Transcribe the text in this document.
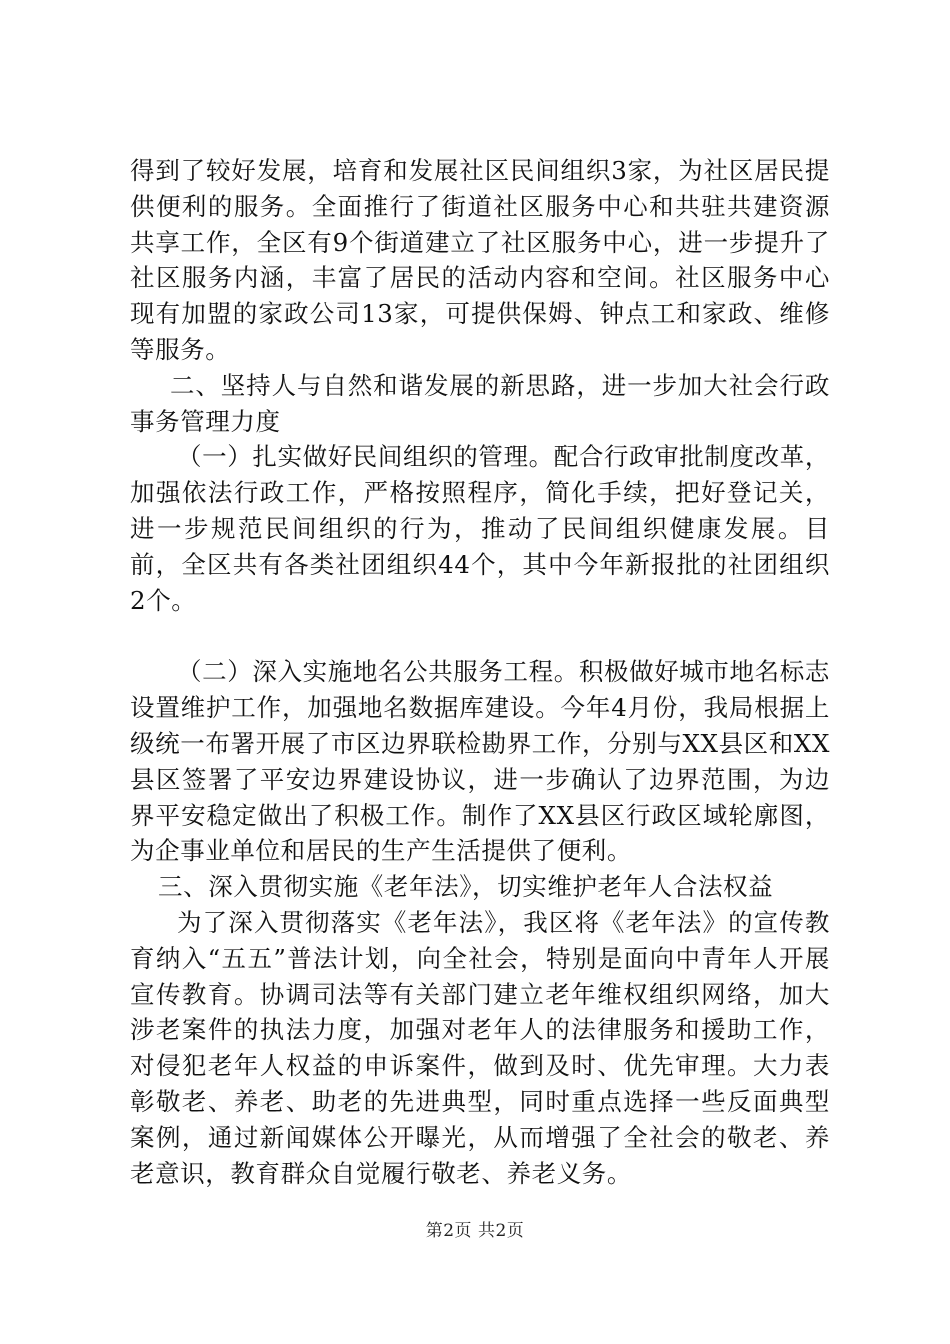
得到了较好发展，培育和发展社区民间组织3家，为社区居民提供便利的服务。全面推行了街道社区服务中心和共驻共建资源共享工作，全区有9个街道建立了社区服务中心，进一步提升了社区服务内涵，丰富了居民的活动内容和空间。社区服务中心现有加盟的家政公司13家，可提供保姆、钟点工和家政、维修等服务。

二、坚持人与自然和谐发展的新思路，进一步加大社会行政事务管理力度

（一）扎实做好民间组织的管理。配合行政审批制度改革，加强依法行政工作，严格按照程序，简化手续，把好登记关，进一步规范民间组织的行为，推动了民间组织健康发展。目前，全区共有各类社团组织44个，其中今年新报批的社团组织2个。

（二）深入实施地名公共服务工程。积极做好城市地名标志设置维护工作，加强地名数据库建设。今年4月份，我局根据上级统一布署开展了市区边界联检勘界工作，分别与XX县区和XX县区签署了平安边界建设协议，进一步确认了边界范围，为边界平安稳定做出了积极工作。制作了XX县区行政区域轮廓图，为企事业单位和居民的生产生活提供了便利。

三、深入贯彻实施《老年法》，切实维护老年人合法权益

为了深入贯彻落实《老年法》，我区将《老年法》的宣传教育纳入“五五”普法计划，向全社会，特别是面向中青年人开展宣传教育。协调司法等有关部门建立老年维权组织网络，加大涉老案件的执法力度，加强对老年人的法律服务和援助工作，对侵犯老年人权益的申诉案件，做到及时、优先审理。大力表彰敬老、养老、助老的先进典型，同时重点选择一些反面典型案例，通过新闻媒体公开曝光，从而增强了全社会的敬老、养老意识，教育群众自觉履行敬老、养老义务。

第2页 共2页
